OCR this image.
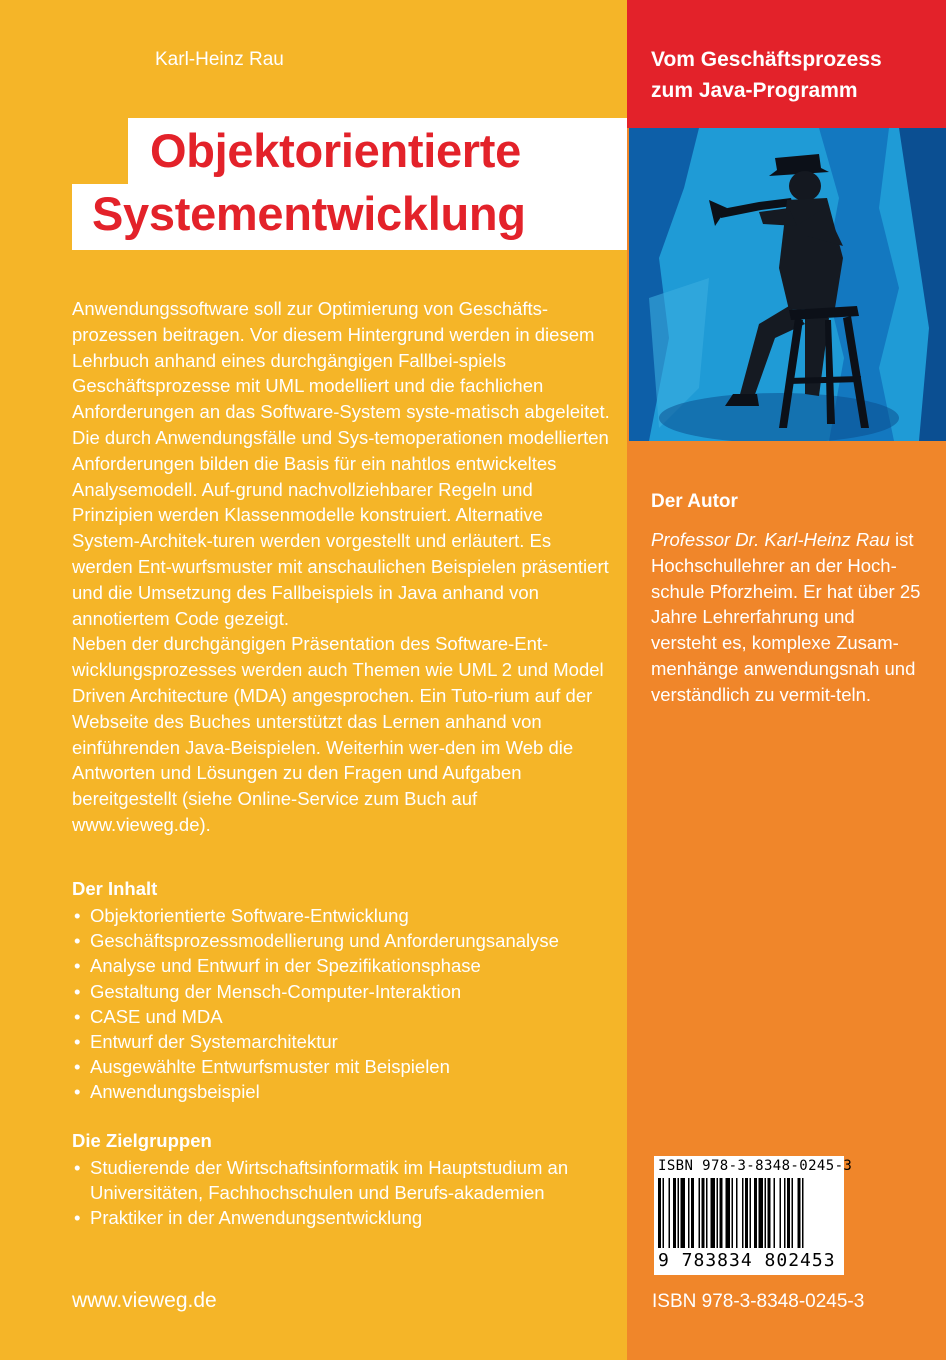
Vom Geschäftsprozess
zum Java-Programm
Karl-Heinz Rau
Objektorientierte
Systementwicklung

Anwendungssoftware soll zur Optimierung von Geschäfts-prozessen beitragen. Vor diesem Hintergrund werden in diesem Lehrbuch anhand eines durchgängigen Fallbei-spiels Geschäftsprozesse mit UML modelliert und die fachlichen Anforderungen an das Software-System syste-matisch abgeleitet. Die durch Anwendungsfälle und Sys-temoperationen modellierten Anforderungen bilden die Basis für ein nahtlos entwickeltes Analysemodell. Auf-grund nachvollziehbarer Regeln und Prinzipien werden Klassenmodelle konstruiert. Alternative System-Architek-turen werden vorgestellt und erläutert. Es werden Ent-wurfsmuster mit anschaulichen Beispielen präsentiert und die Umsetzung des Fallbeispiels in Java anhand von annotiertem Code gezeigt.

Neben der durchgängigen Präsentation des Software-Ent-wicklungsprozesses werden auch Themen wie UML 2 und Model Driven Architecture (MDA) angesprochen. Ein Tuto-rium auf der Webseite des Buches unterstützt das Lernen anhand von einführenden Java-Beispielen. Weiterhin wer-den im Web die Antworten und Lösungen zu den Fragen und Aufgaben bereitgestellt (siehe Online-Service zum Buch auf www.vieweg.de).

Der Inhalt
• Objektorientierte Software-Entwicklung
• Geschäftsprozessmodellierung und Anforderungsanalyse
• Analyse und Entwurf in der Spezifikationsphase
• Gestaltung der Mensch-Computer-Interaktion
• CASE und MDA
• Entwurf der Systemarchitektur
• Ausgewählte Entwurfsmuster mit Beispielen
• Anwendungsbeispiel
Die Zielgruppen
• Studierende der Wirtschaftsinformatik im Hauptstudium an Universitäten, Fachhochschulen und Berufs-akademien
• Praktiker in der Anwendungsentwicklung
www.vieweg.de
Der Autor
Professor Dr. Karl-Heinz Rau ist Hochschullehrer an der Hoch-schule Pforzheim. Er hat über 25 Jahre Lehrerfahrung und versteht es, komplexe Zusam-menhänge anwendungsnah und verständlich zu vermit-teln.
ISBN 978-3-8348-0245-3
9 783834 802453
ISBN 978-3-8348-0245-3
